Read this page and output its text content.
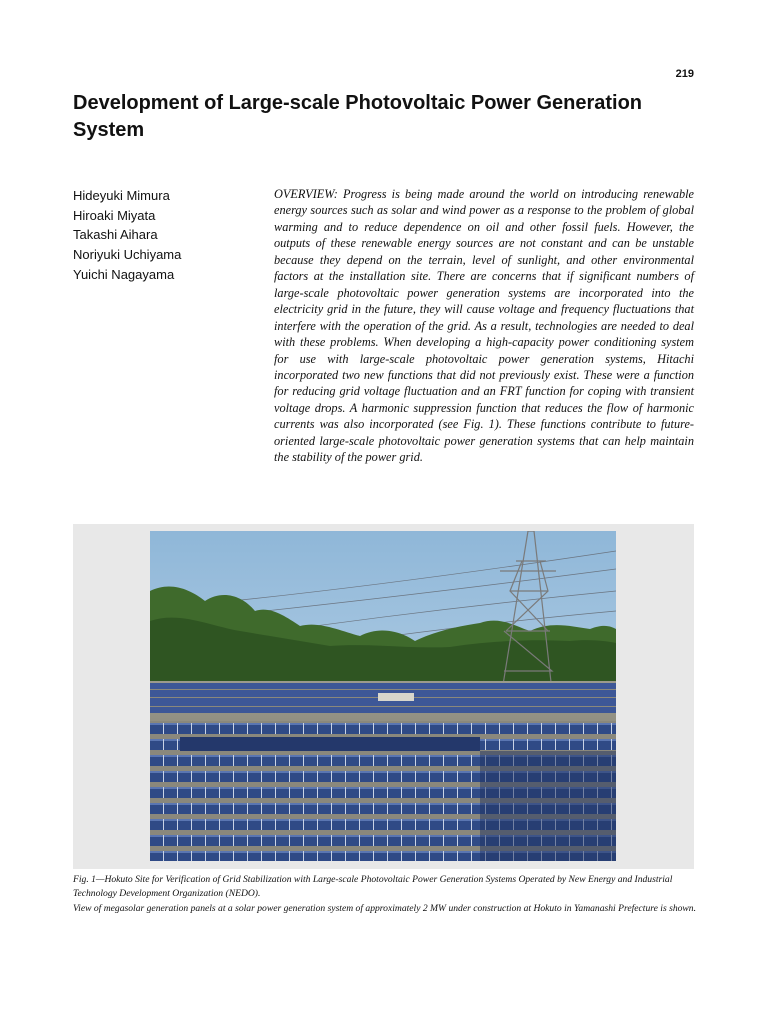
219
Development of Large-scale Photovoltaic Power Generation System
Hideyuki Mimura
Hiroaki Miyata
Takashi Aihara
Noriyuki Uchiyama
Yuichi Nagayama

OVERVIEW: Progress is being made around the world on introducing renewable energy sources such as solar and wind power as a response to the problem of global warming and to reduce dependence on oil and other fossil fuels. However, the outputs of these renewable energy sources are not constant and can be unstable because they depend on the terrain, level of sunlight, and other environmental factors at the installation site. There are concerns that if significant numbers of large-scale photovoltaic power generation systems are incorporated into the electricity grid in the future, they will cause voltage and frequency fluctuations that interfere with the operation of the grid. As a result, technologies are needed to deal with these problems. When developing a high-capacity power conditioning system for use with large-scale photovoltaic power generation systems, Hitachi incorporated two new functions that did not previously exist. These were a function for reducing grid voltage fluctuation and an FRT function for coping with transient voltage drops. A harmonic suppression function that reduces the flow of harmonic currents was also incorporated (see Fig. 1). These functions contribute to future-oriented large-scale photovoltaic power generation systems that can help maintain the stability of the power grid.

Fig. 1—Hokuto Site for Verification of Grid Stabilization with Large-scale Photovoltaic Power Generation Systems Operated by New Energy and Industrial Technology Development Organization (NEDO).

View of megasolar generation panels at a solar power generation system of approximately 2 MW under construction at Hokuto in Yamanashi Prefecture is shown.
